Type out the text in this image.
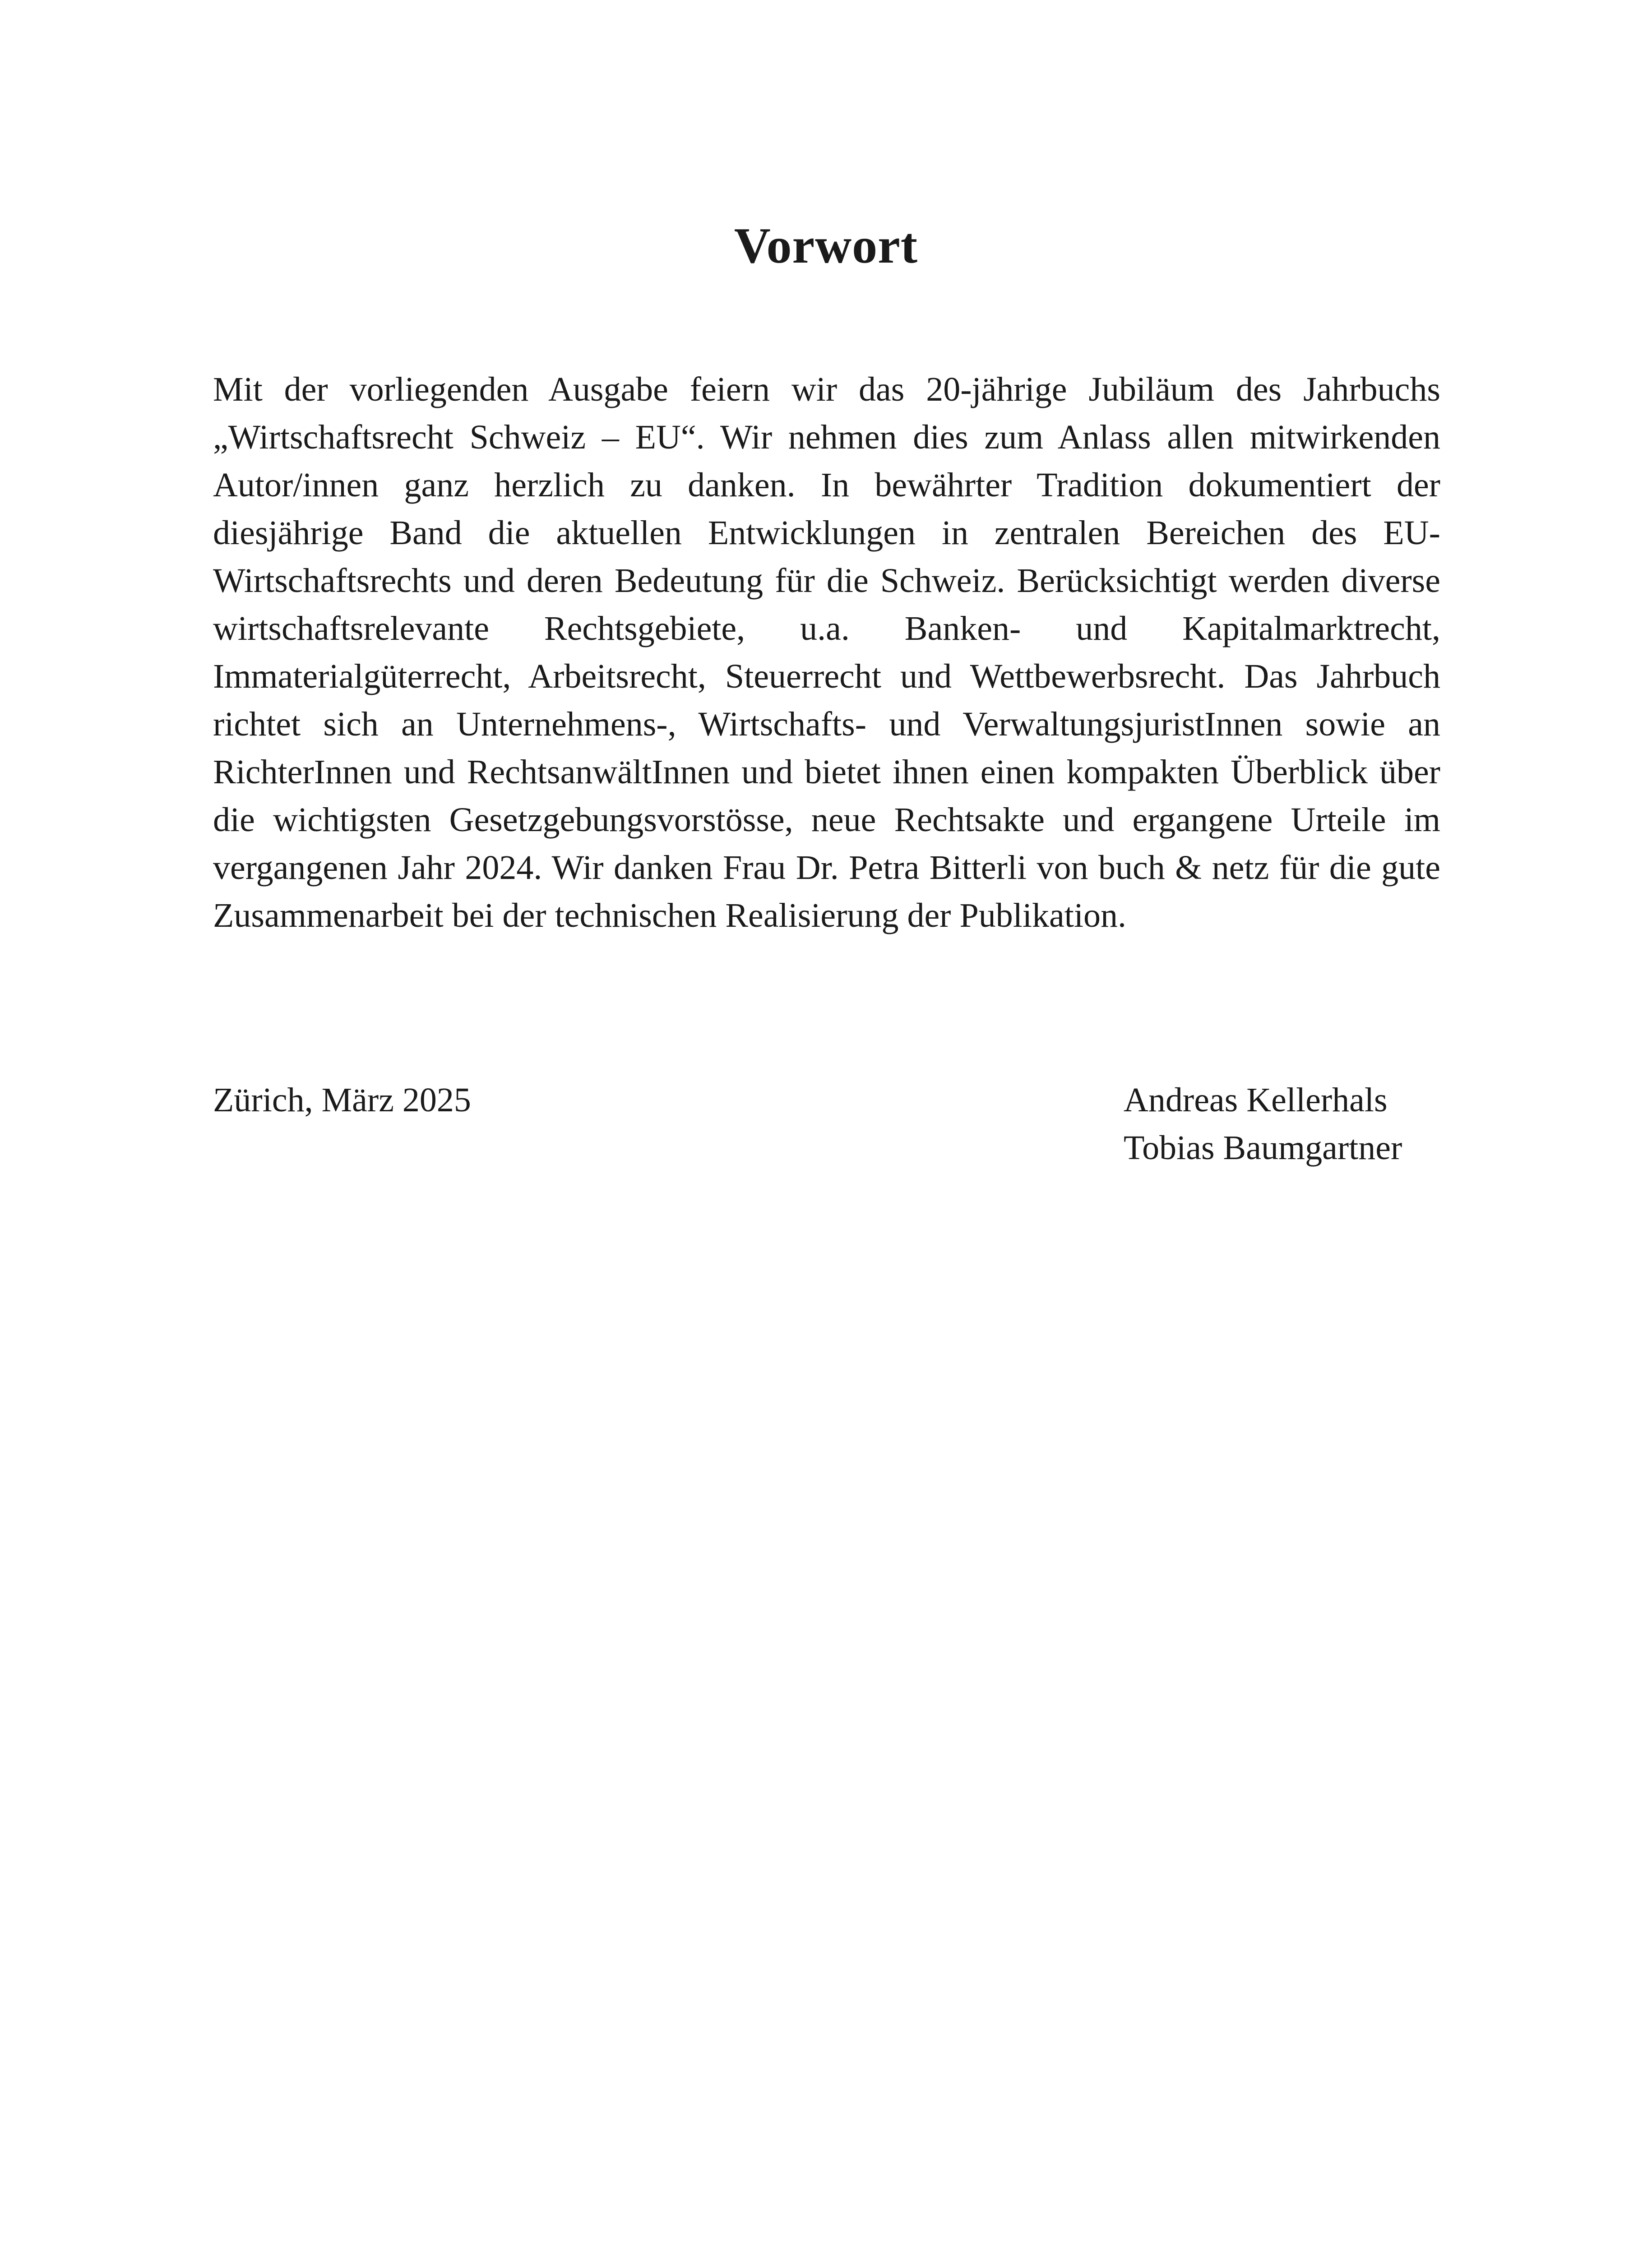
Vorwort

Mit der vorliegenden Ausgabe feiern wir das 20-jährige Jubiläum des Jahrbuchs „Wirtschaftsrecht Schweiz – EU“. Wir nehmen dies zum Anlass allen mitwirkenden Autor/innen ganz herzlich zu danken. In bewährter Tradition dokumentiert der diesjährige Band die aktuellen Entwicklungen in zentralen Bereichen des EU-Wirtschaftsrechts und deren Bedeutung für die Schweiz. Berücksichtigt werden diverse wirtschaftsrelevante Rechtsgebiete, u.a. Banken- und Kapitalmarktrecht, Immaterialgüterrecht, Arbeitsrecht, Steuerrecht und Wettbewerbsrecht. Das Jahrbuch richtet sich an Unternehmens-, Wirtschafts- und VerwaltungsjuristInnen sowie an RichterInnen und RechtsanwältInnen und bietet ihnen einen kompakten Überblick über die wichtigsten Gesetzgebungsvorstösse, neue Rechtsakte und ergangene Urteile im vergangenen Jahr 2024. Wir danken Frau Dr. Petra Bitterli von buch & netz für die gute Zusammenarbeit bei der technischen Realisierung der Publikation.

Zürich, März 2025	Andreas Kellerhals
Tobias Baumgartner
